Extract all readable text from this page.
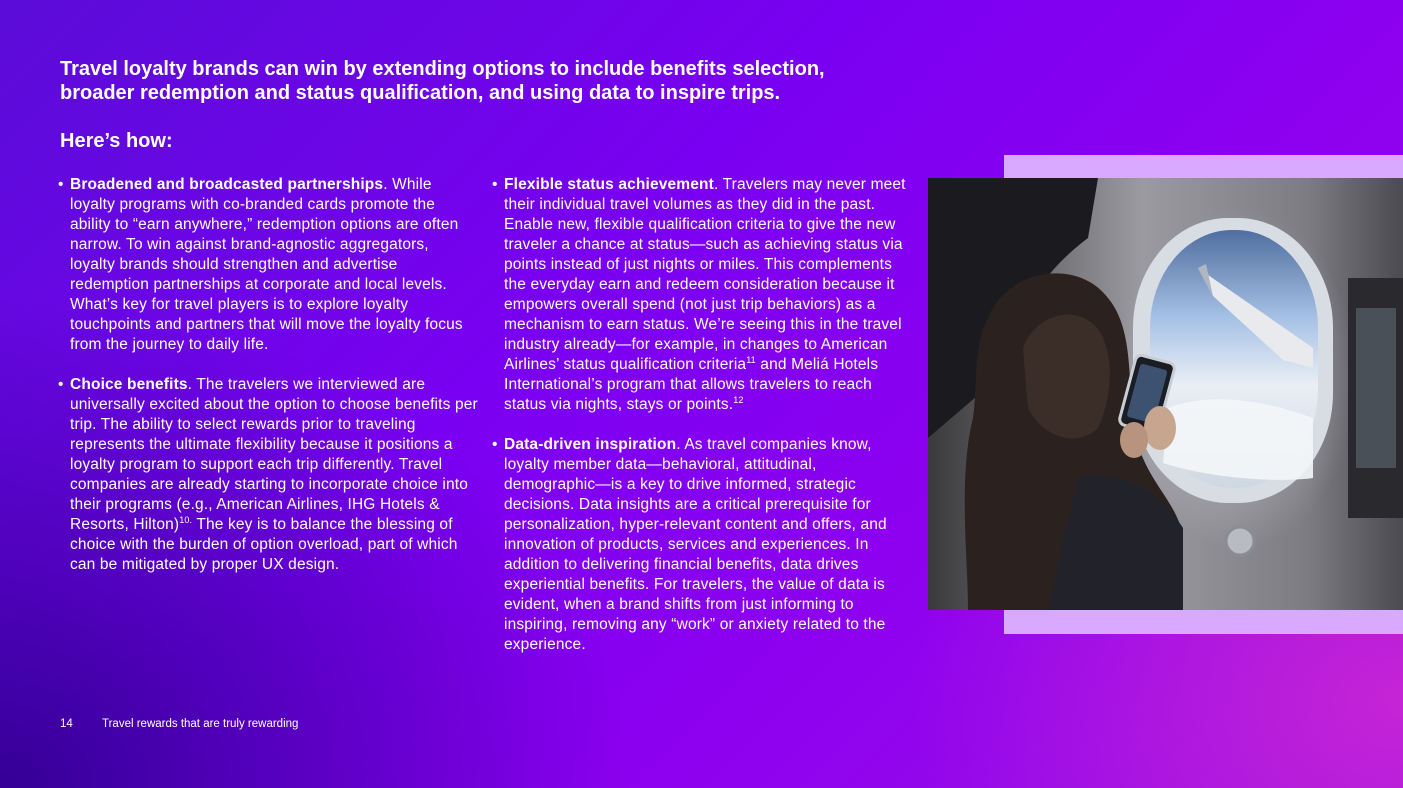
Travel loyalty brands can win by extending options to include benefits selection, broader redemption and status qualification, and using data to inspire trips.
Here’s how:
• Broadened and broadcasted partnerships. While loyalty programs with co-branded cards promote the ability to “earn anywhere,” redemption options are often narrow. To win against brand-agnostic aggregators, loyalty brands should strengthen and advertise redemption partnerships at corporate and local levels. What’s key for travel players is to explore loyalty touchpoints and partners that will move the loyalty focus from the journey to daily life.
• Choice benefits. The travelers we interviewed are universally excited about the option to choose benefits per trip. The ability to select rewards prior to traveling represents the ultimate flexibility because it positions a loyalty program to support each trip differently. Travel companies are already starting to incorporate choice into their programs (e.g., American Airlines, IHG Hotels & Resorts, Hilton)$^{10.}$ The key is to balance the blessing of choice with the burden of option overload, part of which can be mitigated by proper UX design.
• Flexible status achievement. Travelers may never meet their individual travel volumes as they did in the past. Enable new, flexible qualification criteria to give the new traveler a chance at status—such as achieving status via points instead of just nights or miles. This complements the everyday earn and redeem consideration because it empowers overall spend (not just trip behaviors) as a mechanism to earn status. We’re seeing this in the travel industry already—for example, in changes to American Airlines’ status qualification criteria$^{11}$ and Meliá Hotels International’s program that allows travelers to reach status via nights, stays or points.$^{12}$
• Data-driven inspiration. As travel companies know, loyalty member data—behavioral, attitudinal, demographic—is a key to drive informed, strategic decisions. Data insights are a critical prerequisite for personalization, hyper-relevant content and offers, and innovation of products, services and experiences. In addition to delivering financial benefits, data drives experiential benefits. For travelers, the value of data is evident, when a brand shifts from just informing to inspiring, removing any “work” or anxiety related to the experience.
14	Travel rewards that are truly rewarding
